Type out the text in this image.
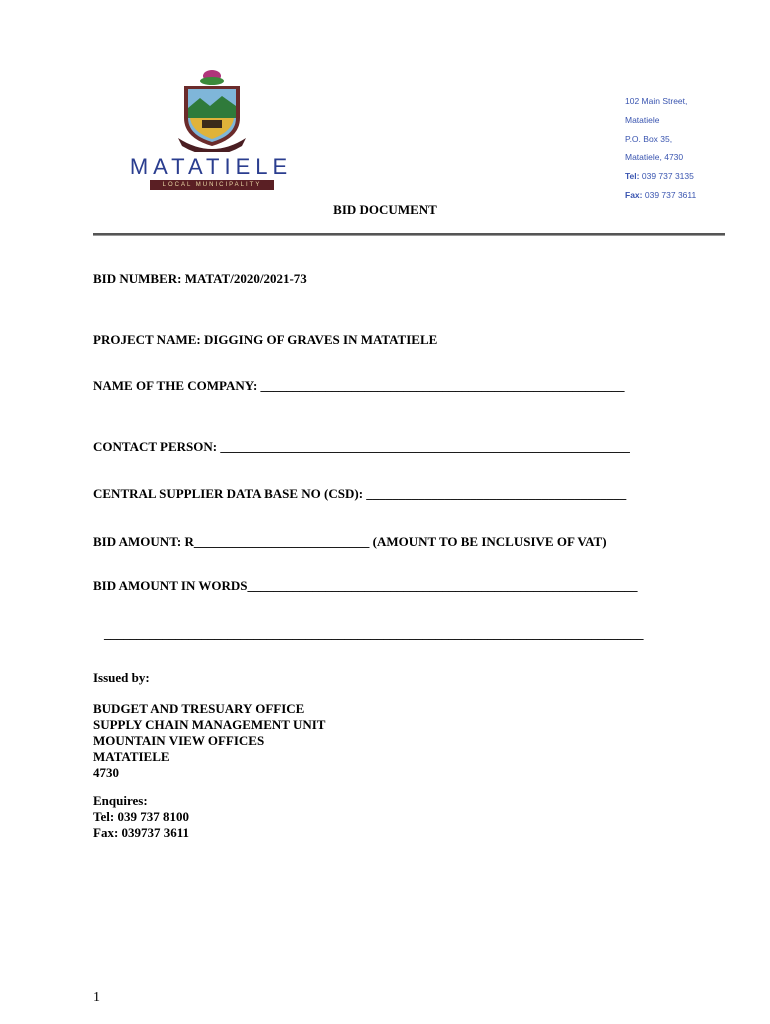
MATATIELE
LOCAL MUNICIPALITY
102 Main Street,
Matatiele
P.O. Box 35,
Matatiele, 4730
Tel: 039 737 3135
Fax: 039 737 3611
BID DOCUMENT
BID NUMBER: MATAT/2020/2021-73
PROJECT NAME: DIGGING OF GRAVES IN MATATIELE
NAME OF THE COMPANY: ________________________________________________________
CONTACT PERSON: _______________________________________________________________
CENTRAL SUPPLIER DATA BASE NO (CSD): ________________________________________
BID AMOUNT: R___________________________ (AMOUNT TO BE INCLUSIVE OF VAT)
BID AMOUNT IN WORDS____________________________________________________________
___________________________________________________________________________________
Issued by:
BUDGET AND TRESUARY OFFICE
SUPPLY CHAIN MANAGEMENT UNIT
MOUNTAIN VIEW OFFICES
MATATIELE
4730
Enquires:
Tel: 039 737 8100
Fax: 039737 3611
1
